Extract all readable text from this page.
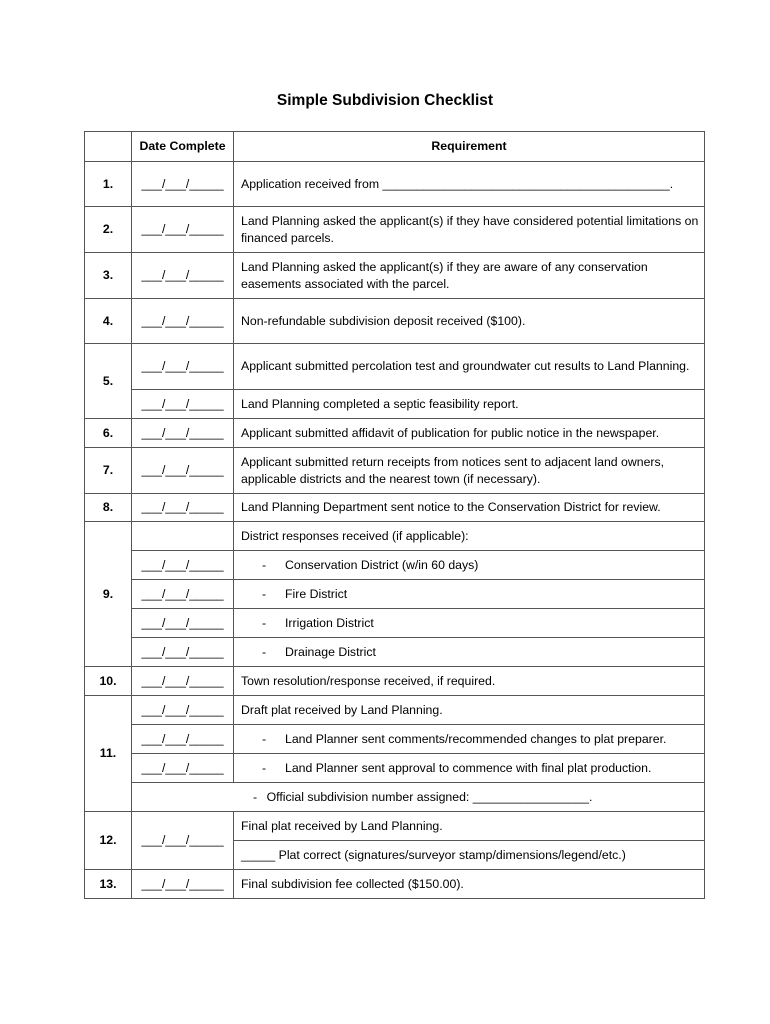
Simple Subdivision Checklist
	Date Complete	Requirement
1.	___/___/_____	Application received from __________________________________________.
2.	___/___/_____	Land Planning asked the applicant(s) if they have considered potential limitations on financed parcels.
3.	___/___/_____	Land Planning asked the applicant(s) if they are aware of any conservation easements associated with the parcel.
4.	___/___/_____	Non-refundable subdivision deposit received ($100).
5.	___/___/_____	Applicant submitted percolation test and groundwater cut results to Land Planning.
	___/___/_____	Land Planning completed a septic feasibility report.
6.	___/___/_____	Applicant submitted affidavit of publication for public notice in the newspaper.
7.	___/___/_____	Applicant submitted return receipts from notices sent to adjacent land owners, applicable districts and the nearest town (if necessary).
8.	___/___/_____	Land Planning Department sent notice to the Conservation District for review.
9.		District responses received (if applicable):
	___/___/_____	- Conservation District (w/in 60 days)
	___/___/_____	- Fire District
	___/___/_____	- Irrigation District
	___/___/_____	- Drainage District
10.	___/___/_____	Town resolution/response received, if required.
11.	___/___/_____	Draft plat received by Land Planning.
	___/___/_____	- Land Planner sent comments/recommended changes to plat preparer.
	___/___/_____	- Land Planner sent approval to commence with final plat production.
	- Official subdivision number assigned: _________________.	
12.	___/___/_____	Final plat received by Land Planning.
		_____ Plat correct (signatures/surveyor stamp/dimensions/legend/etc.)
13.	___/___/_____	Final subdivision fee collected ($150.00).
